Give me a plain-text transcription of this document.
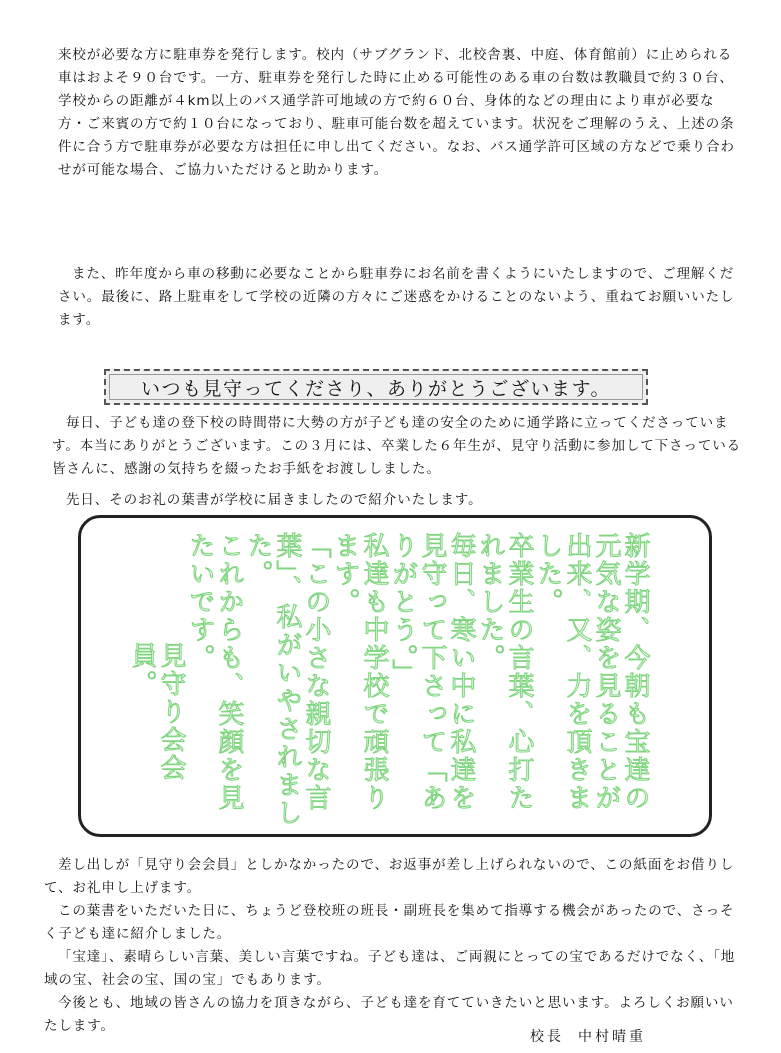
来校が必要な方に駐車券を発行します。校内（サブグランド、北校舎裏、中庭、体育館前）に止められる車はおよそ９０台です。一方、駐車券を発行した時に止める可能性のある車の台数は教職員で約３０台、学校からの距離が４km以上のバス通学許可地域の方で約６０台、身体的などの理由により車が必要な方・ご来賓の方で約１０台になっており、駐車可能台数を超えています。状況をご理解のうえ、上述の条件に合う方で駐車券が必要な方は担任に申し出てください。なお、バス通学許可区域の方などで乗り合わせが可能な場合、ご協力いただけると助かります。

また、昨年度から車の移動に必要なことから駐車券にお名前を書くようにいたしますので、ご理解ください。最後に、路上駐車をして学校の近隣の方々にご迷惑をかけることのないよう、重ねてお願いいたします。

いつも見守ってくださり、ありがとうございます。

毎日、子ども達の登下校の時間帯に大勢の方が子ども達の安全のために通学路に立ってくださっています。本当にありがとうございます。この３月には、卒業した６年生が、見守り活動に参加して下さっている皆さんに、感謝の気持ちを綴ったお手紙をお渡ししました。

先日、そのお礼の葉書が学校に届きましたので紹介いたします。

新学期、今朝も宝達の元気な姿を見ることが出来、又、力を頂きました。

卒業生の言葉、心打たれました。

毎日、寒い中に私達を見守って下さって「ありがとう。」

私達も中学校で頑張ります。

「この小さな親切な言葉」、私がいやされました。

これからも、笑顔を見たいです。

見守り会会員。

差し出しが「見守り会会員」としかなかったので、お返事が差し上げられないので、この紙面をお借りして、お礼申し上げます。

この葉書をいただいた日に、ちょうど登校班の班長・副班長を集めて指導する機会があったので、さっそく子ども達に紹介しました。

「宝達」、素晴らしい言葉、美しい言葉ですね。子ども達は、ご両親にとっての宝であるだけでなく、「地域の宝、社会の宝、国の宝」でもあります。

今後とも、地域の皆さんの協力を頂きながら、子ども達を育てていきたいと思います。よろしくお願いいたします。

校長 中村晴重
